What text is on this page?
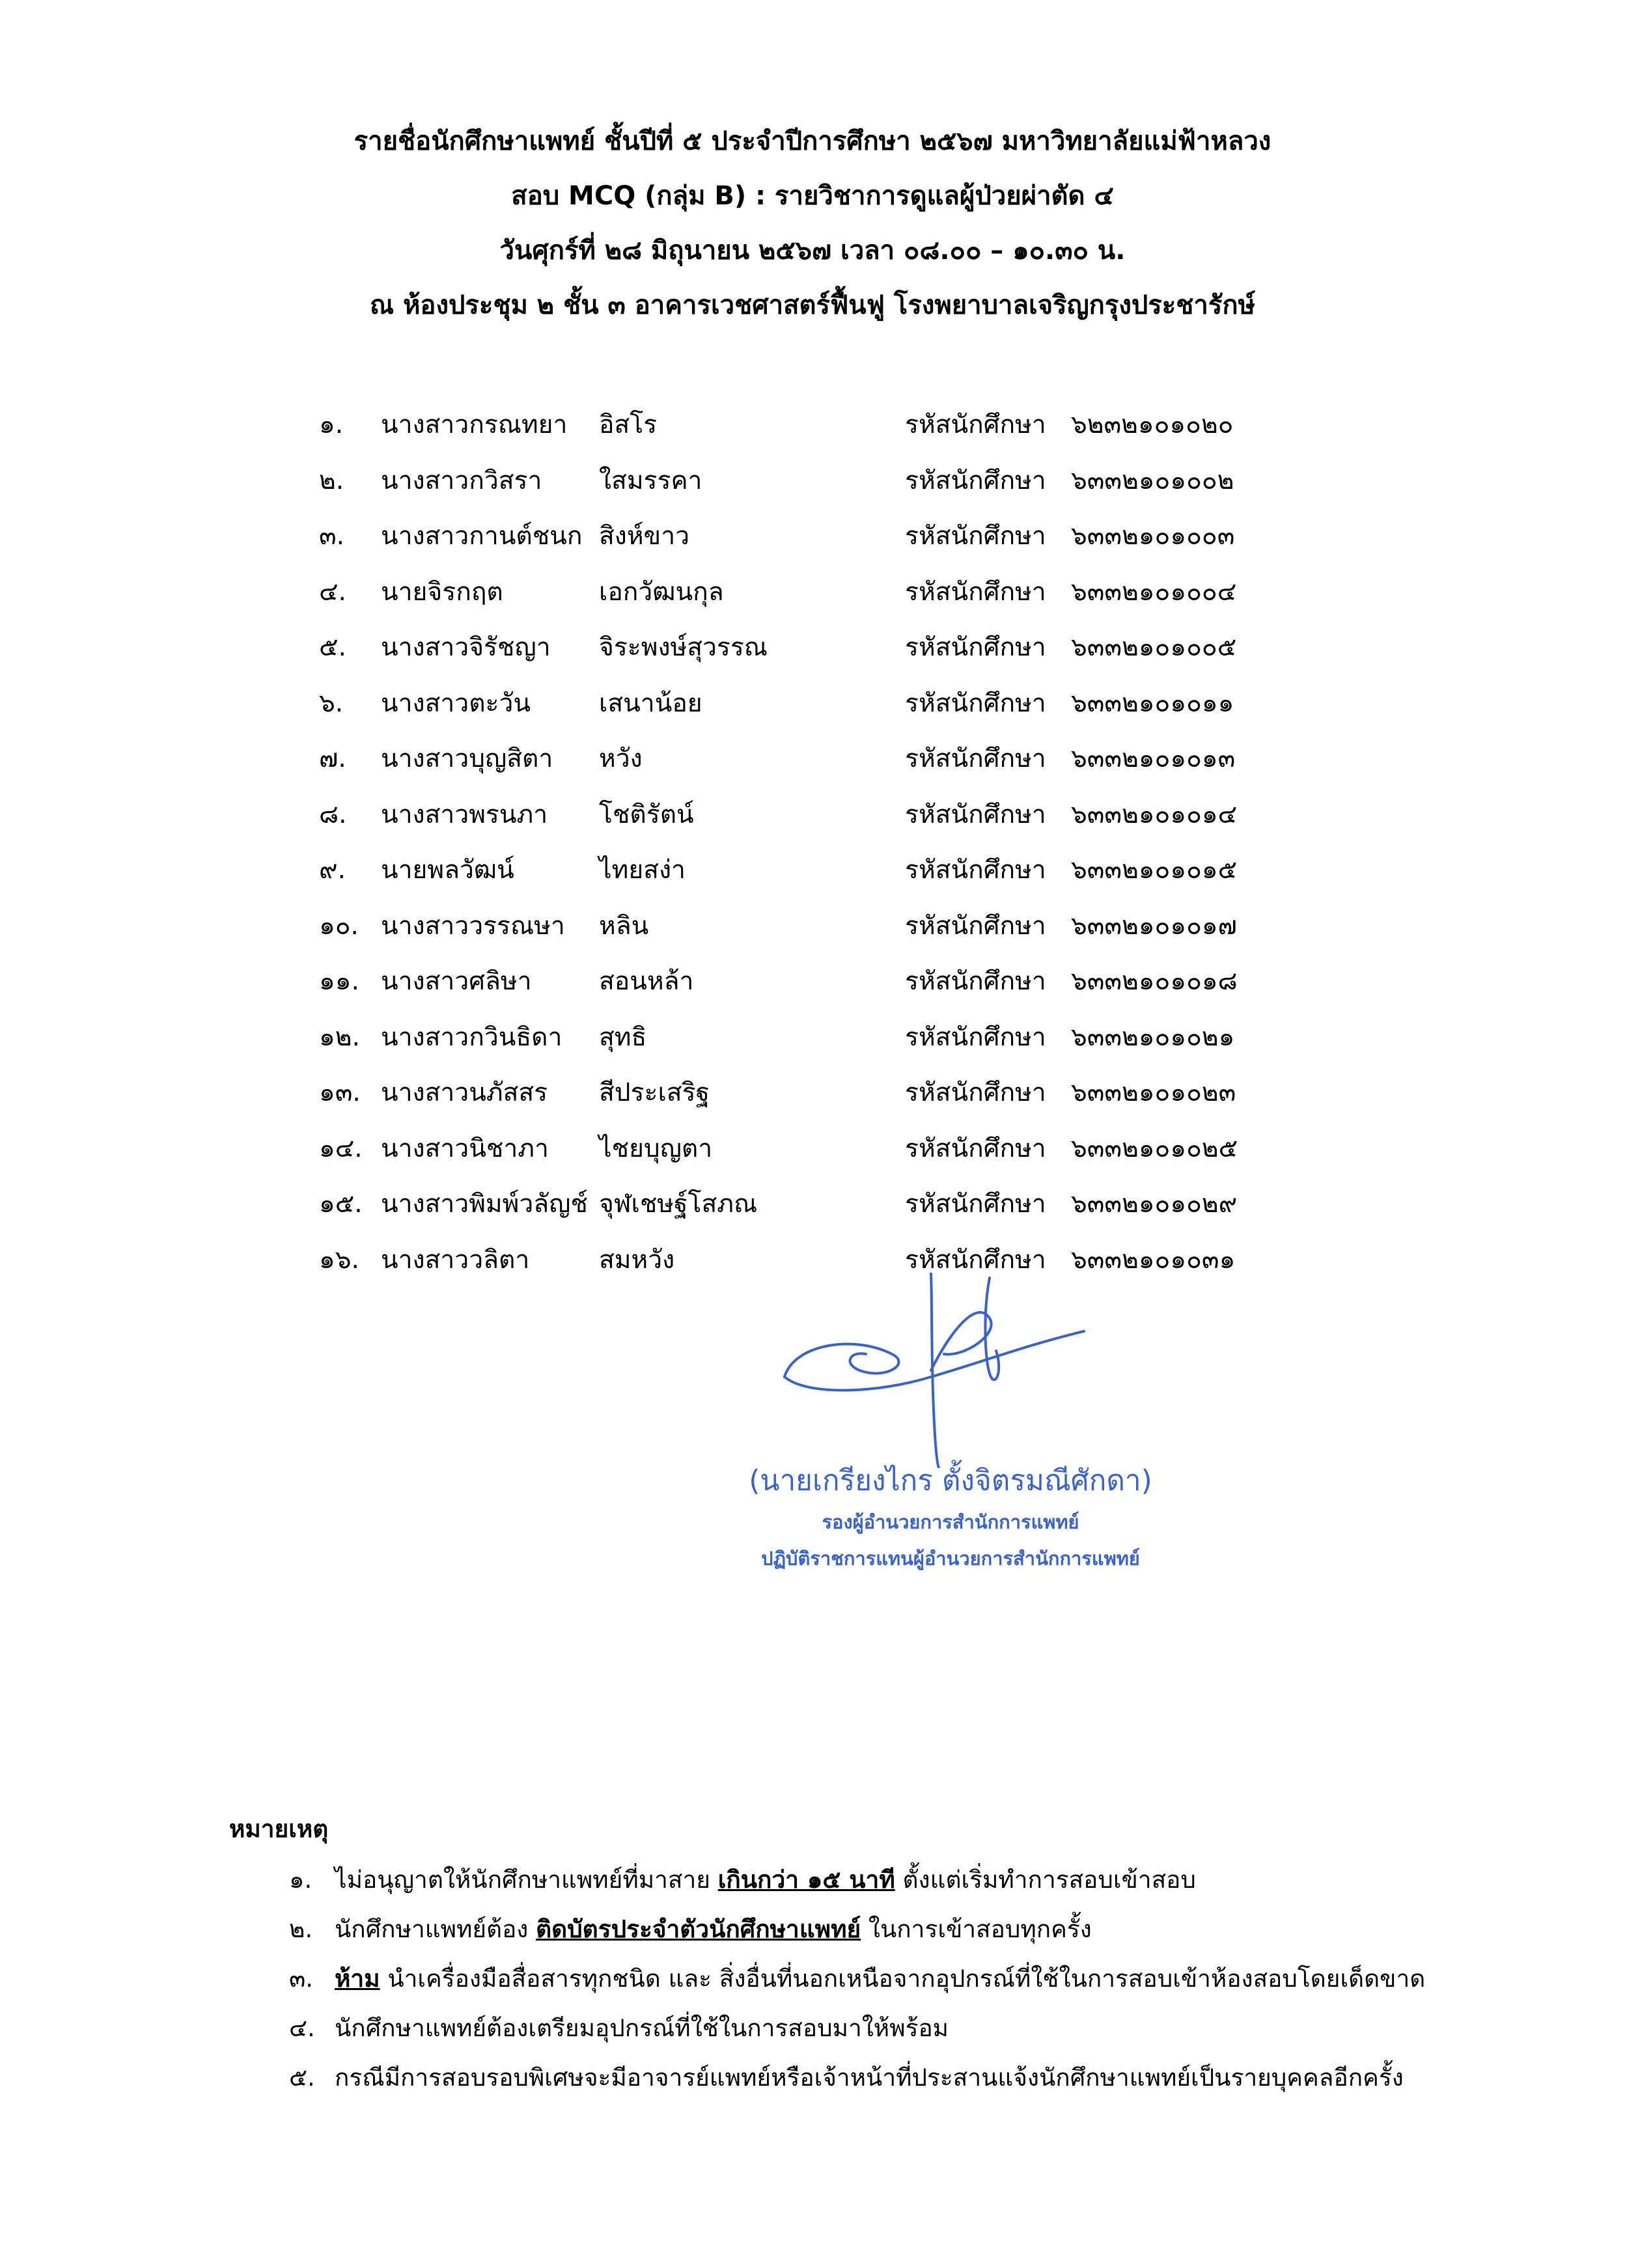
รายชื่อนักศึกษาแพทย์ ชั้นปีที่ ๕ ประจำปีการศึกษา ๒๕๖๗ มหาวิทยาลัยแม่ฟ้าหลวง
สอบ MCQ (กลุ่ม B) : รายวิชาการดูแลผู้ป่วยผ่าตัด ๔
วันศุกร์ที่ ๒๘ มิถุนายน ๒๕๖๗ เวลา ๐๘.๐๐ – ๑๐.๓๐ น.
ณ ห้องประชุม ๒ ชั้น ๓ อาคารเวชศาสตร์ฟื้นฟู โรงพยาบาลเจริญกรุงประชารักษ์
๑. นางสาวกรณทยา อิสโร	รหัสนักศึกษา ๖๒๓๒๑๐๑๐๒๐
๒. นางสาวกวิสรา ใสมรรคา	รหัสนักศึกษา ๖๓๓๒๑๐๑๐๐๒
๓. นางสาวกานต์ชนก สิงห์ขาว	รหัสนักศึกษา ๖๓๓๒๑๐๑๐๐๓
๔. นายจิรกฤต	เอกวัฒนกุล	รหัสนักศึกษา ๖๓๓๒๑๐๑๐๐๔
๕. นางสาวจิรัชญา จิระพงษ์สุวรรณ	รหัสนักศึกษา ๖๓๓๒๑๐๑๐๐๕
๖. นางสาวตะวัน	เสนาน้อย	รหัสนักศึกษา ๖๓๓๒๑๐๑๐๑๑
๗. นางสาวบุญสิตา หวัง	รหัสนักศึกษา ๖๓๓๒๑๐๑๐๑๓
๘. นางสาวพรนภา โชติรัตน์	รหัสนักศึกษา ๖๓๓๒๑๐๑๐๑๔
๙. นายพลวัฒน์	ไทยสง่า	รหัสนักศึกษา ๖๓๓๒๑๐๑๐๑๕
๑๐. นางสาววรรณษา หลิน	รหัสนักศึกษา ๖๓๓๒๑๐๑๐๑๗
๑๑. นางสาวศลิษา	สอนหล้า	รหัสนักศึกษา ๖๓๓๒๑๐๑๐๑๘
๑๒. นางสาวกวินธิดา สุทธิ	รหัสนักศึกษา ๖๓๓๒๑๐๑๐๒๑
๑๓. นางสาวนภัสสร สีประเสริฐ	รหัสนักศึกษา ๖๓๓๒๑๐๑๐๒๓
๑๔. นางสาวนิชาภา ไชยบุญตา	รหัสนักศึกษา ๖๓๓๒๑๐๑๐๒๕
๑๕. นางสาวพิมพ์วลัญช์ จุฬเชษฐ์โสภณ	รหัสนักศึกษา ๖๓๓๒๑๐๑๐๒๙
๑๖. นางสาววลิตา	สมหวัง	รหัสนักศึกษา ๖๓๓๒๑๐๑๐๓๑
(นายเกรียงไกร ตั้งจิตรมณีศักดา)
รองผู้อำนวยการสำนักการแพทย์
ปฏิบัติราชการแทนผู้อำนวยการสำนักการแพทย์
หมายเหตุ
๑. ไม่อนุญาตให้นักศึกษาแพทย์ที่มาสาย เกินกว่า ๑๕ นาที ตั้งแต่เริ่มทำการสอบเข้าสอบ
๒. นักศึกษาแพทย์ต้อง ติดบัตรประจำตัวนักศึกษาแพทย์ ในการเข้าสอบทุกครั้ง
๓. ห้าม นำเครื่องมือสื่อสารทุกชนิด และ สิ่งอื่นที่นอกเหนือจากอุปกรณ์ที่ใช้ในการสอบเข้าห้องสอบโดยเด็ดขาด
๔. นักศึกษาแพทย์ต้องเตรียมอุปกรณ์ที่ใช้ในการสอบมาให้พร้อม
๕. กรณีมีการสอบรอบพิเศษจะมีอาจารย์แพทย์หรือเจ้าหน้าที่ประสานแจ้งนักศึกษาแพทย์เป็นรายบุคคลอีกครั้ง
